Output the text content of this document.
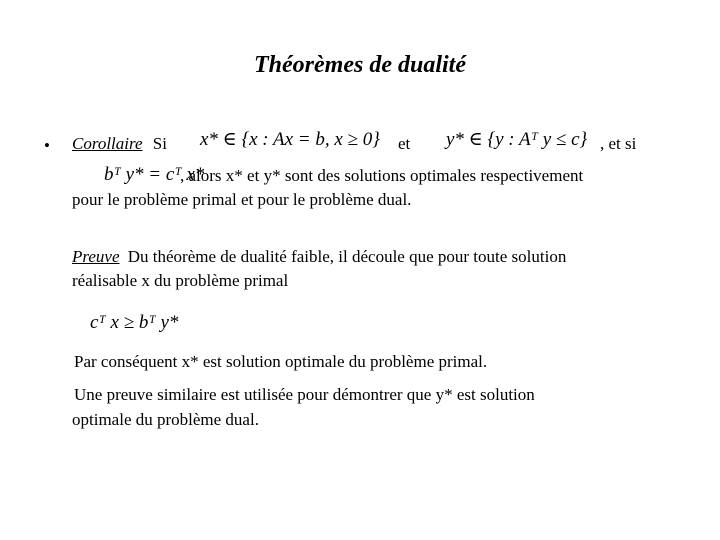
Théorèmes de dualité
• Corollaire Si x* ∈ {x : Ax = b, x ≥ 0} et y* ∈ {y : Aᵀ y ≤ c} , et si
bᵀ y* = cᵀ x*
, alors x* et y* sont des solutions optimales respectivement
pour le problème primal et pour le problème dual.
Preuve Du théorème de dualité faible, il découle que pour toute solution
réalisable x du problème primal
cᵀ x ≥ bᵀ y*
Par conséquent x* est solution optimale du problème primal.
Une preuve similaire est utilisée pour démontrer que y* est solution
optimale du problème dual.
